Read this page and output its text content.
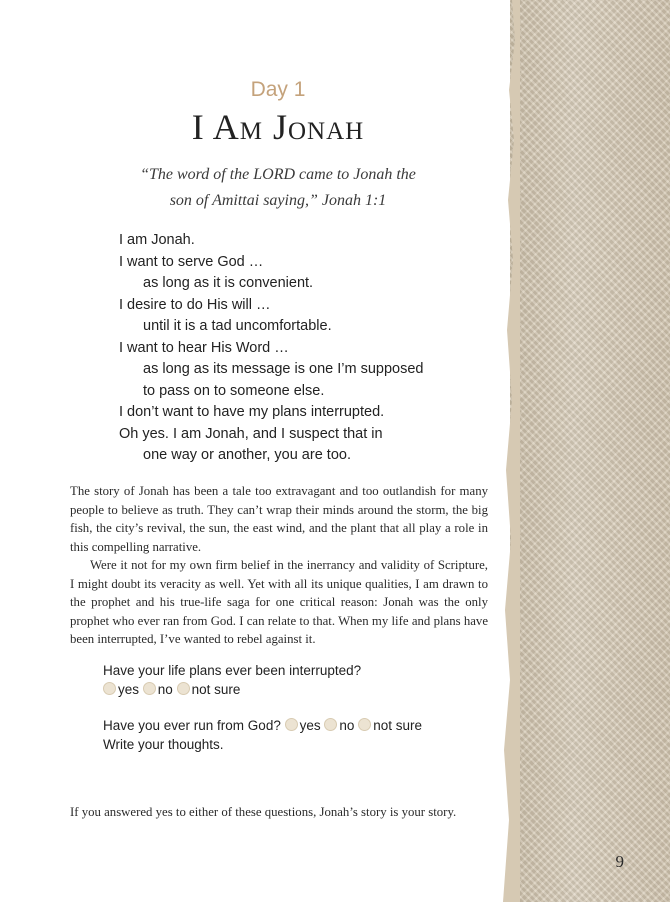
Day 1
I Am Jonah
“The word of the LORD came to Jonah the
son of Amittai saying,” Jonah 1:1
I am Jonah.
I want to serve God …
as long as it is convenient.
I desire to do His will …
until it is a tad uncomfortable.
I want to hear His Word …
as long as its message is one I’m supposed
to pass on to someone else.
I don’t want to have my plans interrupted.
Oh yes. I am Jonah, and I suspect that in
one way or another, you are too.

The story of Jonah has been a tale too extravagant and too outlandish for many people to believe as truth. They can’t wrap their minds around the storm, the big fish, the city’s revival, the sun, the east wind, and the plant that all play a role in this compelling narrative.

Were it not for my own firm belief in the inerrancy and validity of Scripture, I might doubt its veracity as well. Yet with all its unique qualities, I am drawn to the prophet and his true-life saga for one critical reason: Jonah was the only prophet who ever ran from God. I can relate to that. When my life and plans have been interrupted, I’ve wanted to rebel against it.

Have your life plans ever been interrupted?
yes no not sure
Have you ever run from God? yes no not sure
Write your thoughts.
If you answered yes to either of these questions, Jonah’s story is your story.
9
